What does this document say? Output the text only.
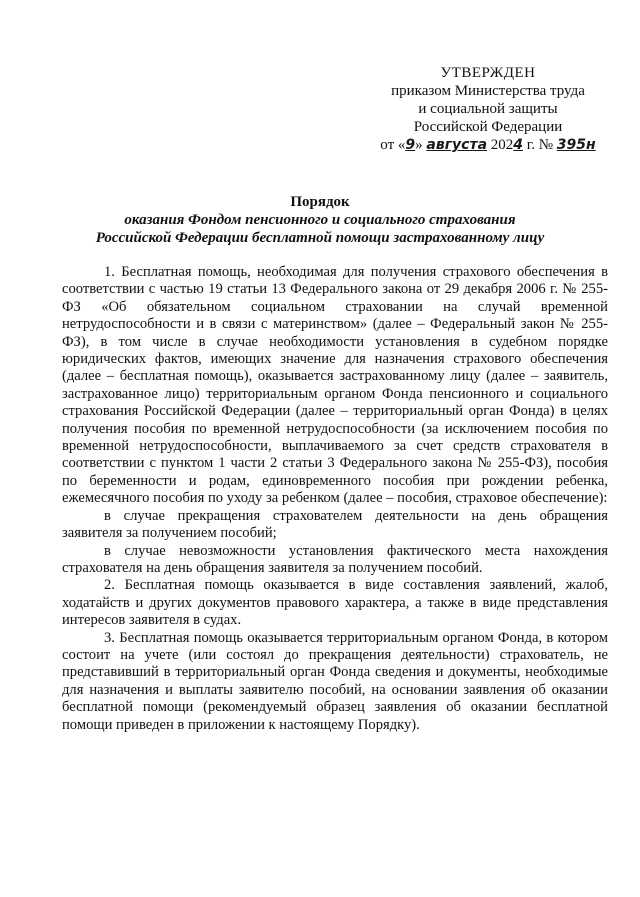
УТВЕРЖДЕН
приказом Министерства труда
и социальной защиты
Российской Федерации
от «9» августа 2024 г. № 395н
Порядок
оказания Фондом пенсионного и социального страхования
Российской Федерации бесплатной помощи застрахованному лицу

1. Бесплатная помощь, необходимая для получения страхового обеспечения в соответствии с частью 19 статьи 13 Федерального закона от 29 декабря 2006 г. № 255-ФЗ «Об обязательном социальном страховании на случай временной нетрудоспособности и в связи с материнством» (далее – Федеральный закон № 255-ФЗ), в том числе в случае необходимости установления в судебном порядке юридических фактов, имеющих значение для назначения страхового обеспечения (далее – бесплатная помощь), оказывается застрахованному лицу (далее – заявитель, застрахованное лицо) территориальным органом Фонда пенсионного и социального страхования Российской Федерации (далее – территориальный орган Фонда) в целях получения пособия по временной нетрудоспособности (за исключением пособия по временной нетрудоспособности, выплачиваемого за счет средств страхователя в соответствии с пунктом 1 части 2 статьи 3 Федерального закона № 255-ФЗ), пособия по беременности и родам, единовременного пособия при рождении ребенка, ежемесячного пособия по уходу за ребенком (далее – пособия, страховое обеспечение):

в случае прекращения страхователем деятельности на день обращения заявителя за получением пособий;

в случае невозможности установления фактического места нахождения страхователя на день обращения заявителя за получением пособий.

2. Бесплатная помощь оказывается в виде составления заявлений, жалоб, ходатайств и других документов правового характера, а также в виде представления интересов заявителя в судах.

3. Бесплатная помощь оказывается территориальным органом Фонда, в котором состоит на учете (или состоял до прекращения деятельности) страхователь, не представивший в территориальный орган Фонда сведения и документы, необходимые для назначения и выплаты заявителю пособий, на основании заявления об оказании бесплатной помощи (рекомендуемый образец заявления об оказании бесплатной помощи приведен в приложении к настоящему Порядку).
